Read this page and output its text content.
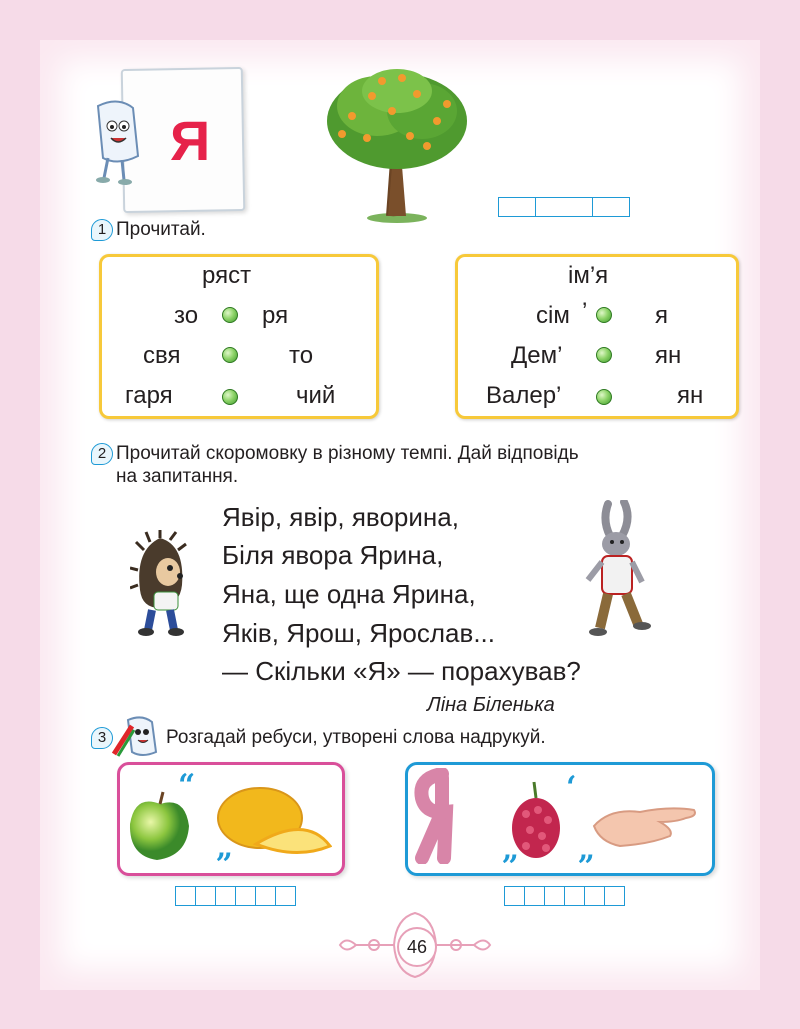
Я
1 Прочитай.
ряст
зо	ря
свя	то
гаря	чий
ім’я
сім ’	я
Дем’	ян
Валер’	ян
2 Прочитай скоромовку в різному темпі. Дай відповідь
на запитання.
Явір, явір, яворина,
Біля явора Ярина,
Яна, ще одна Ярина,
Яків, Ярош, Ярослав...
— Скільки «Я» — порахував?
Ліна Біленька
3	Розгадай ребуси, утворені слова надрукуй.
“
„
‘
„ „
46
